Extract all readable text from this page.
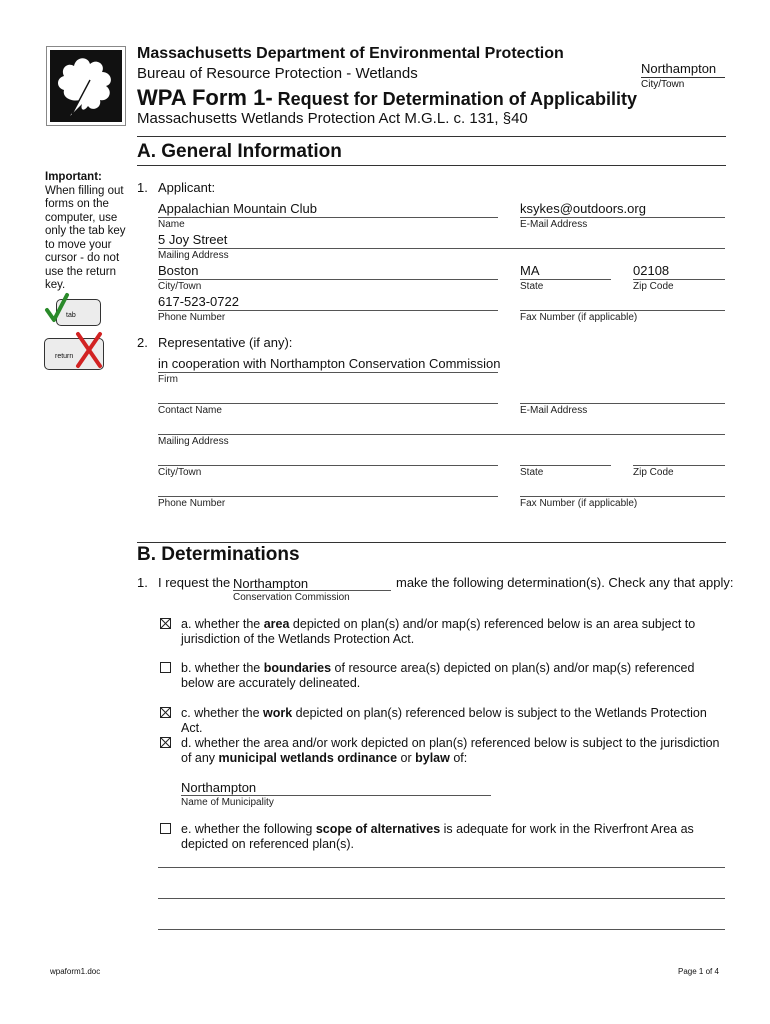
Massachusetts Department of Environmental Protection
Bureau of Resource Protection - Wetlands
WPA Form 1- Request for Determination of Applicability
Massachusetts Wetlands Protection Act M.G.L. c. 131, §40
Northampton
City/Town
A. General Information
Important:
When filling out forms on the computer, use only the tab key to move your cursor - do not use the return key.
tab
return
1. Applicant:
Appalachian Mountain Club
Name
ksykes@outdoors.org
E-Mail Address
5 Joy Street
Mailing Address
Boston
City/Town
MA
State
02108
Zip Code
617-523-0722
Phone Number	Fax Number (if applicable)
2. Representative (if any):
in cooperation with Northampton Conservation Commission
Firm
Contact Name	E-Mail Address
Mailing Address
City/Town	State	Zip Code
Phone Number	Fax Number (if applicable)
B. Determinations
1. I request the Northampton	make the following determination(s). Check any that apply:
Conservation Commission
a. whether the area depicted on plan(s) and/or map(s) referenced below is an area subject to jurisdiction of the Wetlands Protection Act.
b. whether the boundaries of resource area(s) depicted on plan(s) and/or map(s) referenced below are accurately delineated.
c. whether the work depicted on plan(s) referenced below is subject to the Wetlands Protection Act.
d. whether the area and/or work depicted on plan(s) referenced below is subject to the jurisdiction of any municipal wetlands ordinance or bylaw of:
Northampton
Name of Municipality
e. whether the following scope of alternatives is adequate for work in the Riverfront Area as depicted on referenced plan(s).
wpaform1.doc	Page 1 of 4
